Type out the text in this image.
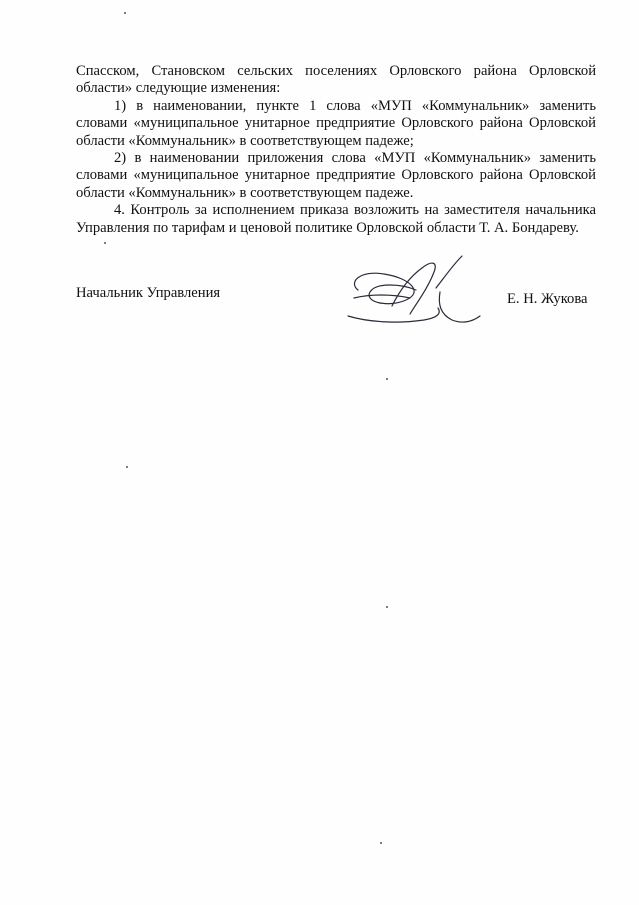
Спасском, Становском сельских поселениях Орловского района Орловской области» следующие изменения:

1) в наименовании, пункте 1 слова «МУП «Коммунальник» заменить словами «муниципальное унитарное предприятие Орловского района Орловской области «Коммунальник» в соответствующем падеже;

2) в наименовании приложения слова «МУП «Коммунальник» заменить словами «муниципальное унитарное предприятие Орловского района Орловской области «Коммунальник» в соответствующем падеже.

4. Контроль за исполнением приказа возложить на заместителя начальника Управления по тарифам и ценовой политике Орловской области Т. А. Бондареву.

Начальник Управления	Е. Н. Жукова
